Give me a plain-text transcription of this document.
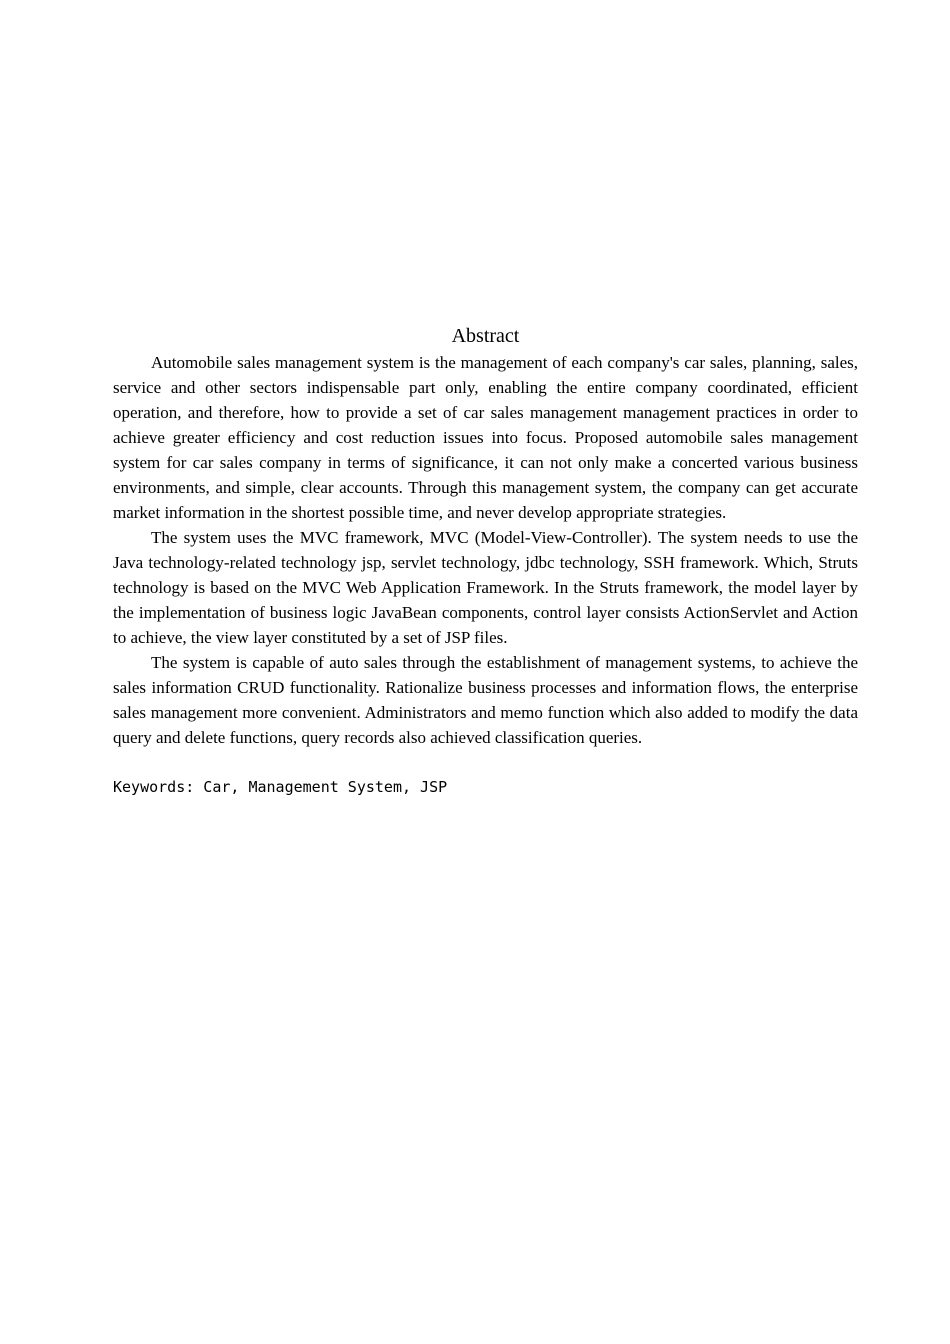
Abstract

Automobile sales management system is the management of each company's car sales, planning, sales, service and other sectors indispensable part only, enabling the entire company coordinated, efficient operation, and therefore, how to provide a set of car sales management management practices in order to achieve greater efficiency and cost reduction issues into focus. Proposed automobile sales management system for car sales company in terms of significance, it can not only make a concerted various business environments, and simple, clear accounts. Through this management system, the company can get accurate market information in the shortest possible time, and never develop appropriate strategies.

The system uses the MVC framework, MVC (Model-View-Controller). The system needs to use the Java technology-related technology jsp, servlet technology, jdbc technology, SSH framework. Which, Struts technology is based on the MVC Web Application Framework. In the Struts framework, the model layer by the implementation of business logic JavaBean components, control layer consists ActionServlet and Action to achieve, the view layer constituted by a set of JSP files.

The system is capable of auto sales through the establishment of management systems, to achieve the sales information CRUD functionality. Rationalize business processes and information flows, the enterprise sales management more convenient. Administrators and memo function which also added to modify the data query and delete functions, query records also achieved classification queries.

Keywords: Car, Management System, JSP
